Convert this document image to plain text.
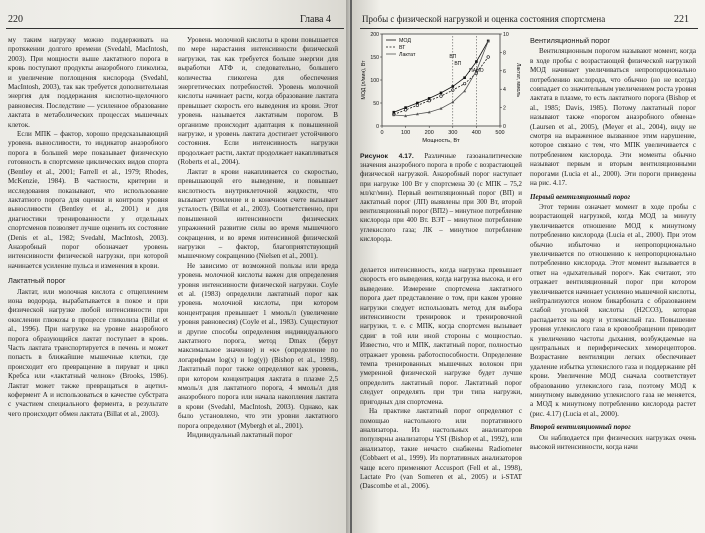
220	Глава 4

му таким нагрузку можно поддерживать на протяжении долгого времени (Svedahl, MacIntosh, 2003). При мощности выше лактатного порога в кровь поступают продукты анаэробного гликолиза, и увеличение поглощения кислорода (Svedahl, MacIntosh, 2003), так как требуется дополнительная энергия для поддержания кислотно-щелочного равновесия. Последствие — усиленное образование лактата в метаболических процессах мышечных клеток.

Если МПК – фактор, хорошо предсказывающий уровень выносливости, то индикатор анаэробного порога в большей мере показывает физическую готовность в спортсмене циклических видов спорта (Bentley et al., 2001; Farrell et al., 1979; Rhodes, McKenzie, 1984). В частности, критерии и исследования показывают, что использование лактатного порога для оценки и контроля уровня выносливости (Bentley et al., 2001) и для диагностики тренированности у отдельных спортсменов позволяет лучше оценить их состояние (Denis et al., 1982; Svedahl, MacIntosh, 2003). Анаэробный порог обозначает уровень интенсивности физической нагрузки, при которой начинается усиление пульса и изменения в крови.

Лактатный порог

Лактат, или молочная кислота с отщеплением иона водорода, вырабатывается в покое и при физической нагрузке любой интенсивности при окислении глюкозы в процессе гликолиза (Billat et al., 1996). При нагрузке на уровне анаэробного порога образующийся лактат поступает в кровь. Часть лактата транспортируется в печень и может попасть в ближайшие мышечные клетки, где происходит его превращение в пируват и цикл Кребса или «лактатный челнок» (Brooks, 1986). Лактат может также превращаться в ацетил-кофермент А и использоваться в качестве субстрата с участием специального фермента, в результате чего происходит обмен лактата (Billat et al., 2003).

Уровень молочной кислоты в крови повышается по мере нарастания интенсивности физической нагрузки, так как требуется больше энергии для выработки АТФ и, следовательно, большего количества гликогена для обеспечения энергетических потребностей. Уровень молочной кислоты начинает расти, когда образование лактата превышает скорость его выведения из крови. Этот уровень называется лактатным порогом. В организме происходит адаптация к повышенной нагрузке, и уровень лактата достигает устойчивого состояния. Если интенсивность нагрузки продолжает расти, лактат продолжает накапливаться (Roberts et al., 2004).

Лактат в крови накапливается со скоростью, превышающей его выведение, и повышает кислотность внутриклеточной жидкости, что вызывает утомление и в конечном счете вызывает усталость (Billat et al., 2003). Соответственно, при повышенной интенсивности физических упражнений развитие силы во время мышечного сокращения, и во время интенсивной физической нагрузки – фактор, благоприятствующий мышечному сокращению (Nielsen et al., 2001).

Не зависимо от возможной пользы или вреда уровень молочной кислоты важен для определения уровня интенсивности физической нагрузки. Coyle et al. (1983) определили лактатный порог как уровень молочной кислоты, при котором концентрация превышает 1 ммоль/л (увеличение уровня равновесия) (Coyle et al., 1983). Существуют и другие способы определения индивидуального лактатного порога, метод Dmax (берут максимальное значение) и «к» (определение по логарифмам log(x) и log(y)) (Bishop et al., 1998). Лактатный порог также определяют как уровень, при котором концентрация лактата в плазме 2,5 ммоль/л для лактатного порога, 4 ммоль/л для анаэробного порога или начала накопления лактата в крови (Svedahl, MacIntosh, 2003). Однако, как было установлено, что эти уровни лактатного порога определяют (Mybergh et al., 2001).

Индивидуальный лактатный порог

Пробы с физической нагрузкой и оценка состояния спортсмена	221
0	100	200	300	400	500
0
50
100
150
200
0
2
4
6
8
10
МОД
ВТ
Лактат
Мощность, Вт
МОД (л/мин), Вт	Лактат, ммоль
ВП
ВП
ПАНО
Рисунок 4.17. Различные газоаналитические значения анаэробного порога в пробе с возрастающей физической нагрузкой. Анаэробный порог наступает при нагрузке 100 Вт у спортсмена 30 (с МПК – 75,2 мл/кг/мин). Первый вентиляционный порог (ВП) и лактатный порог (ЛП) выявлены при 300 Вт, второй вентиляционный порог (ВП2) – минутное потребление кислорода при 400 Вт. ВЭТ – минутное потребление углекислого газа; ЛК – минутное потребление кислорода.

делается интенсивность, когда нагрузка превышает скорость его выведения, когда нагрузка высока, и его выведение. Измерение спортсмена лактатного порога дает представление о том, при каком уровне нагрузки следует использовать метод для выбора интенсивности тренировок и тренировочной нагрузки, т. е. с МПК, когда спортсмен вызывает сдвиг в той или иной стороны с мощностью. Известно, что и МПК, лактатный порог, полностью отражает уровень работоспособности. Определение темпа тренированных мышечных волокон при умеренной физической нагрузке будет лучше определить лактатный порог. Лактатный порог следует определять при три типа нагрузки, пригодных для спортсмена.

На практике лактатный порог определяют с помощью настольного или портативного анализатора. Из настольных анализаторов популярны анализаторы YSI (Bishop et al., 1992), или анализатор, такие нечасто снабжены Radiometer (Cobbaert et al., 1999). Из портативных анализаторов чаще всего применяют Accusport (Fell et al., 1998), Lactate Pro (van Someren et al., 2005) и i-STAT (Dascombe et al., 2006).

Вентиляционный порог

Вентиляционным порогом называют момент, когда в ходе пробы с возрастающей физической нагрузкой МОД начинает увеличиваться непропорционально потреблению кислорода, что обычно (но не всегда) совпадает со значительным увеличением роста уровня лактата в плазме, то есть лактатного порога (Bishop et al., 1985; Davis, 1985). Потому лактатный порог называют также «порогом анаэробного обмена» (Laursen et al., 2005), (Meyer et al., 2004), виду не смотря на выраженное вызванное этим нарушение, которое связано с тем, что МПК увеличивается с потреблением кислорода. Эти моменты обычно называют первым и вторым вентиляционными порогами (Lucia et al., 2000). Эти пороги приведены на рис. 4.17.

Первый вентиляционный порог

Этот термин означает момент в ходе пробы с возрастающей нагрузкой, когда МОД за минуту увеличивается отношение МОД к минутному потреблению кислорода (Lucia et al., 2000). При этом обычно избыточно и непропорционально увеличивается по отношению к непропорционально потреблению кислорода. Этот момент вызывается в ответ на «дыхательный порог». Как считают, это отражает вентиляционный порог при котором увеличивается начинает усиленно мышечной кислоты, нейтрализуются ионом бикарбоната с образованием слабой угольной кислоты (Н2CO3), которая распадается на воду и углекислый газ. Повышение уровня углекислого газа в кровообращении приводит к увеличению частоты дыхания, возбуждаемые на центральных и периферических хеморецепторов. Возрастание вентиляции легких обеспечивает удаление избытка углекислого газа и поддержание pH крови. Увеличение МОД сначала соответствует образованию углекислого газа, поэтому МОД к минутному выведению углекислого газа не меняется, а МОД к минутному потреблению кислорода растет (рис. 4.17) (Lucia et al., 2000).

Второй вентиляционный порог

Он наблюдается при физических нагрузках очень высокой интенсивности, когда начи
